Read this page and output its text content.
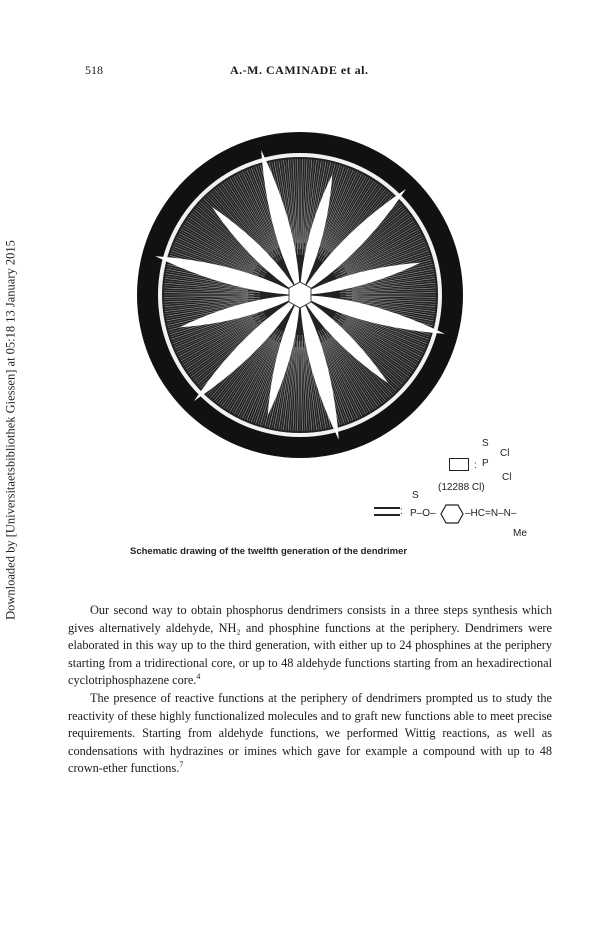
Downloaded by [Universitaetsbibliothek Giessen] at 05:18 13 January 2015
518	A.-M. CAMINADE et al.
:
S
P
Cl
Cl
(12288 Cl)
:
S
P–O–	–HC=N–N–
Me
Schematic drawing of the twelfth generation of the dendrimer

Our second way to obtain phosphorus dendrimers consists in a three steps synthesis which gives alternatively aldehyde, NH₂ and phosphine functions at the periphery. Dendrimers were elaborated in this way up to the third generation, with either up to 24 phosphines at the periphery starting from a tridirectional core, or up to 48 aldehyde functions starting from an hexadirectional cyclotriphosphazene core.$^4$

The presence of reactive functions at the periphery of dendrimers prompted us to study the reactivity of these highly functionalized molecules and to graft new functions able to meet precise requirements. Starting from aldehyde functions, we performed Wittig reactions, as well as condensations with hydrazines or imines which gave for example a compound with up to 48 crown-ether functions.$^7$
